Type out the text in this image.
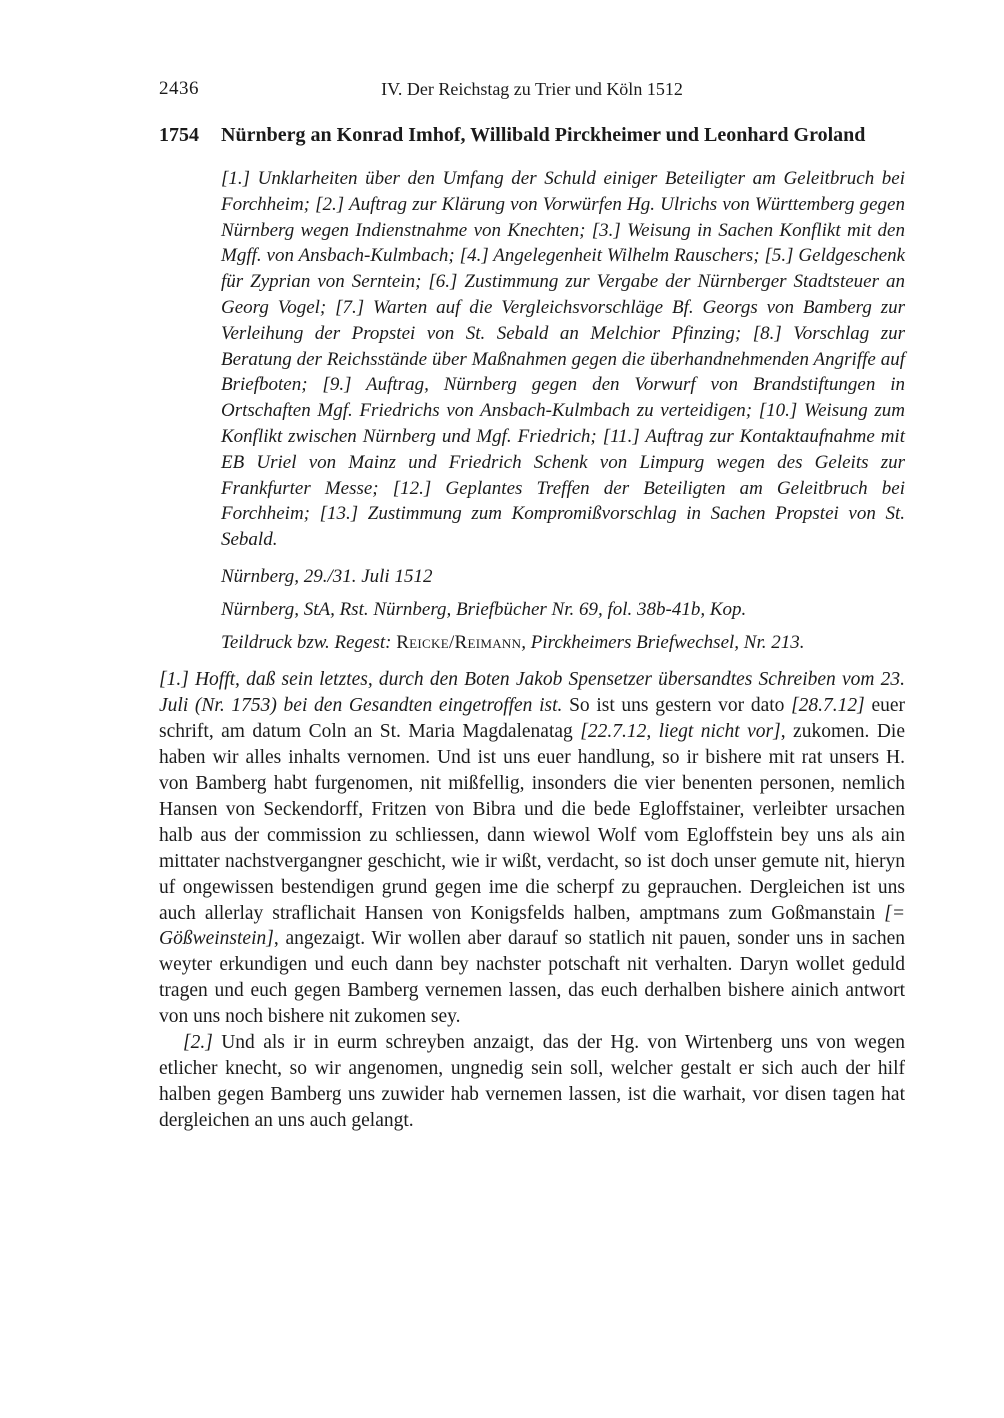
2436	IV. Der Reichstag zu Trier und Köln 1512
1754 Nürnberg an Konrad Imhof, Willibald Pirckheimer und Leonhard Groland

[1.] Unklarheiten über den Umfang der Schuld einiger Beteiligter am Geleitbruch bei Forchheim; [2.] Auftrag zur Klärung von Vorwürfen Hg. Ulrichs von Württemberg gegen Nürnberg wegen Indienstnahme von Knechten; [3.] Weisung in Sachen Konflikt mit den Mgff. von Ansbach-Kulmbach; [4.] Angelegenheit Wilhelm Rauschers; [5.] Geldgeschenk für Zyprian von Serntein; [6.] Zustimmung zur Vergabe der Nürnberger Stadtsteuer an Georg Vogel; [7.] Warten auf die Vergleichsvorschläge Bf. Georgs von Bamberg zur Verleihung der Propstei von St. Sebald an Melchior Pfinzing; [8.] Vorschlag zur Beratung der Reichsstände über Maßnahmen gegen die überhandnehmenden Angriffe auf Briefboten; [9.] Auftrag, Nürnberg gegen den Vorwurf von Brandstiftungen in Ortschaften Mgf. Friedrichs von Ansbach-Kulmbach zu verteidigen; [10.] Weisung zum Konflikt zwischen Nürnberg und Mgf. Friedrich; [11.] Auftrag zur Kontaktaufnahme mit EB Uriel von Mainz und Friedrich Schenk von Limpurg wegen des Geleits zur Frankfurter Messe; [12.] Geplantes Treffen der Beteiligten am Geleitbruch bei Forchheim; [13.] Zustimmung zum Kompromißvorschlag in Sachen Propstei von St. Sebald.

Nürnberg, 29./31. Juli 1512

Nürnberg, StA, Rst. Nürnberg, Briefbücher Nr. 69, fol. 38b-41b, Kop.

Teildruck bzw. Regest: Reicke/Reimann, Pirckheimers Briefwechsel, Nr. 213.

[1.] Hofft, daß sein letztes, durch den Boten Jakob Spensetzer übersandtes Schreiben vom 23. Juli (Nr. 1753) bei den Gesandten eingetroffen ist. So ist uns gestern vor dato [28.7.12] euer schrift, am datum Coln an St. Maria Magdalenatag [22.7.12, liegt nicht vor], zukomen. Die haben wir alles inhalts vernomen. Und ist uns euer handlung, so ir bishere mit rat unsers H. von Bamberg habt furgenomen, nit mißfellig, insonders die vier benenten personen, nemlich Hansen von Seckendorff, Fritzen von Bibra und die bede Egloffstainer, verleibter ursachen halb aus der commission zu schliessen, dann wiewol Wolf vom Egloffstein bey uns als ain mittater nachstvergangner geschicht, wie ir wißt, verdacht, so ist doch unser gemute nit, hieryn uf ongewissen bestendigen grund gegen ime die scherpf zu geprauchen. Dergleichen ist uns auch allerlay straflichait Hansen von Konigsfelds halben, amptmans zum Goßmanstain [= Gößweinstein], angezaigt. Wir wollen aber darauf so statlich nit pauen, sonder uns in sachen weyter erkundigen und euch dann bey nachster potschaft nit verhalten. Daryn wollet geduld tragen und euch gegen Bamberg vernemen lassen, das euch derhalben bishere ainich antwort von uns noch bishere nit zukomen sey.

[2.] Und als ir in eurm schreyben anzaigt, das der Hg. von Wirtenberg uns von wegen etlicher knecht, so wir angenomen, ungnedig sein soll, welcher gestalt er sich auch der hilf halben gegen Bamberg uns zuwider hab vernemen lassen, ist die warhait, vor disen tagen hat dergleichen an uns auch gelangt.
